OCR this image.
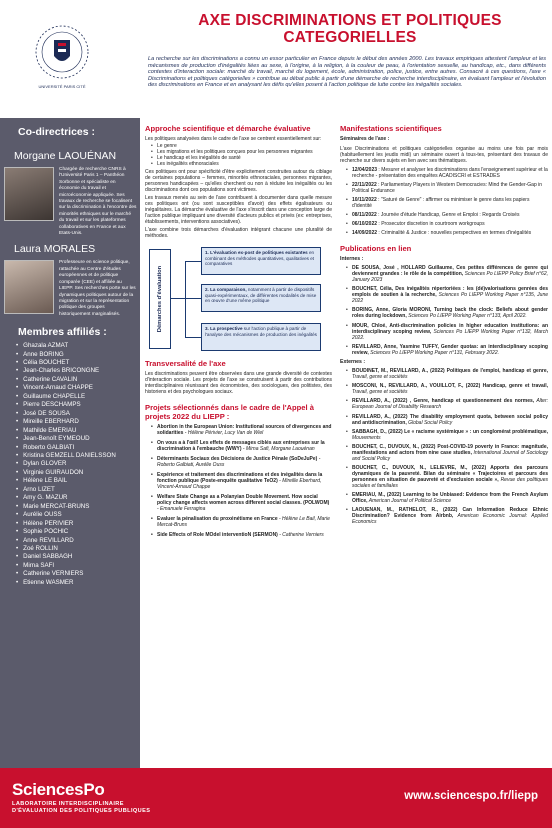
UNIVERSITÉ PARIS CITÉ
AXE DISCRIMINATIONS ET POLITIQUES
CATEGORIELLES

La recherche sur les discriminations a connu un essor particulier en France depuis le début des années 2000. Les travaux empiriques attestent l'ampleur et les mécanismes de production d'inégalités liées au sexe, à l'origine, à la religion, à la couleur de peau, à l'orientation sexuelle, au handicap, etc., dans différents contextes d'interaction sociale: marché du travail, marché du logement, école, administration, police, justice, entre autres. Consacré à ces questions, l'axe « Discriminations et politiques catégorielles » contribue au débat public à partir d'une démarche de recherche interdisciplinaire, en évaluant l'ampleur et l'évolution des discriminations en France et en analysant les défis qu'elles posent à l'action politique de lutte contre les inégalités sociales.

Co-directrices :
Morgane LAOUÉNAN
Chargée de recherche CNRS à l'Université Paris 1 – Panthéon Sorbonne et spécialiste en économie du travail et microéconomie appliquée. Ses travaux de recherche se focalisent sur la discrimination à l'encontre des minorités ethniques sur le marché du travail et sur les plateformes collaboratives en France et aux Etats-Unis.
Laura MORALES
Professeure en science politique, rattachée au Centre d'études européennes et de politique comparée (CEE) et affiliée au LIEPP. Ses recherches porte sur les dynamiques politiques autour de la migration et sur la représentation politique des groupes historiquement marginalisés.
Membres affiliés :
• Ghazala AZMAT
• Anne BORING
• Célia BOUCHET
• Jean-Charles BRICONGNE
• Catherine CAVALIN
• Vincent-Arnaud CHAPPE
• Guillaume CHAPELLE
• Pierre DESCHAMPS
• José DE SOUSA
• Mireille EBERHARD
• Mathilde EMERIAU
• Jean-Benoît EYMEOUD
• Roberto GALBIATI
• Kristina GEMZELL DANIELSSON
• Dylan GLOVER
• Virginie GUIRAUDON
• Hélène LE BAIL
• Arno LIZET
• Amy G. MAZUR
• Marie MERCAT-BRUNS
• Aurélie OUSS
• Hélène PERIVIER
• Sophie POCHIC
• Anne REVILLARD
• Zoé ROLLIN
• Daniel SABBAGH
• Mirna SAFI
• Catherine VERNIERS
• Etienne WASMER
Approche scientifique et démarche évaluative

Les politiques analysées dans le cadre de l'axe se centrent essentiellement sur:

• Le genre
• Les migrations et les politiques conçues pour les personnes migrantes
• Le handicap et les inégalités de santé
• Les inégalités ethnoraciales

Ces politiques ont pour spécificité d'être explicitement construites autour du ciblage de certaines populations – femmes, minorités ethnoraciales, personnes migrantes, personnes handicapées – qu'elles cherchent ou non à réduire les inégalités ou les discriminations dont ces populations sont victimes.

Les travaux menés au sein de l'axe contribuent à documenter dans quelle mesure ces politiques ont (ou sont susceptibles d'avoir) des effets égalisateurs ou inégalitaires. La démarche évaluative de l'axe s'inscrit dans une conception large de l'action publique impliquant une diversité d'acteurs publics et privés (ex: entreprises, établissements, interventions associatives).

L'axe combine trois démarches d'évaluation intégrant chacune une pluralité de méthodes.

Démarches d'évaluation
1. L'évaluation ex-post de politiques existantes en combinant des méthodes quantitatives, qualitatives et comparatives
2. La comparaison, notamment à partir de dispositifs quasi-expérimentaux, de différentes modalités de mise en œuvre d'une même politique
3. La prospective sur l'action publique à partir de l'analyse des mécanismes de production des inégalités
Transversalité de l'axe

Les discriminations peuvent être observées dans une grande diversité de contextes d'interaction sociale. Les projets de l'axe se construisent à partir des contributions interdisciplinaires réunissant des économistes, des sociologues, des politistes, des historiens et des psychologues sociaux.

Projets sélectionnés dans le cadre de l'Appel à projets 2022 du LIEPP :
• Abortion in the European Union: Institutional sources of divergences and solidarities - Hélène Périvier, Lucy Van de Wiel
• On vous a à l'œil! Les effets de messages ciblés aux entreprises sur la discrimination à l'embauche (WWY) - Mirna Safi, Morgane Laouénan
• Déterminants Sociaux des Décisions de Justice Pénale (SoDeJuPe) - Roberto Galbiati, Aurélie Ouss
• Expérience et traitement des discriminations et des inégalités dans la fonction publique (Poste-enquête qualitative TeO2) - Mireille Eberhard, Vincent-Arnaud Chappe
• Welfare State Change as a Polanyian Double Movement. How social policy change affects women across different social classes. (POLWOM) - Emanuele Ferragina
• Evaluer la pénalisation du proxénétisme en France - Hélène Le Bail, Marie Mercat-Bruns
• Side Effects of Role MOdel interventioN (SERMON) - Catherine Verniers
Manifestations scientifiques
Séminaires de l'axe :

L'axe Discriminations et politiques catégorielles organise au moins une fois par mois (habituellement les jeudis midi) un séminaire ouvert à tous-tes, présentant des travaux de recherche sur divers sujets en lien avec ses thématiques.

• 12/04/2023 : Mesurer et analyser les discriminations dans l'enseignement supérieur et la recherche - présentation des enquêtes ACADISCRI et ESTRADES
• 22/11/2022 : Parliamentary Players in Western Democracies: Mind the Gender-Gap in Political Endurance
• 10/11/2022 : "Saturé de Genre" : affirmer ou minimiser le genre dans les papiers d'identité
• 08/11/2022 : Journée d'étude Handicap, Genre et Emploi : Regards Croisés
• 06/10/2022 : Prosecutor discretion in courtroom workgroups
• 14/09/2022 : Criminalité & Justice : nouvelles perspectives en termes d'inégalités
Publications en lien
Internes :
• DE SOUSA, José , HOLLARD Guillaume, Ces petites différences de genre qui deviennent grandes : le rôle de la compétition, Sciences Po LIEPP Policy Brief n°62, January 2023
• BOUCHET, Célia, Des inégalités répertoriées : les (dé)valorisations genrées des emplois de soutien à la recherche, Sciences Po LIEPP Working Paper n°135, June 2022
• BORING, Anne, Gloria MORONI, Turning back the clock: Beliefs about gender roles during lockdown, Sciences Po LIEPP Working Paper n°133, April 2022.
• MOUR, Chloé, Anti-discrimination policies in higher education institutions: an interdisciplinary scoping review, Sciences Po LIEPP Working Paper n°132, March 2022.
• REVILLARD, Anne, Yasmine TUFFY, Gender quotas: an interdisciplinary scoping review, Sciences Po LIEPP Working Paper n°131, February 2022.
Externes :
• BOUDINET, M., REVILLARD, A., (2022) Politiques de l'emploi, handicap et genre, Travail, genre et sociétés
• MOSCONI, N., REVILLARD, A., VOUILLOT, F., (2022) Handicap, genre et travail, Travail, genre et sociétés
• REVILLARD, A., (2022) , Genre, handicap et questionnement des normes, Alter: European Journal of Disability Research
• REVILLARD, A., (2022) The disability employment quota, between social policy and antidiscrimination, Global Social Policy
• SABBAGH, D., (2022) Le « racisme systémique » : un conglomérat problématique, Mouvements
• BOUCHET, C., DUVOUX, N., (2022) Post-COVID-19 poverty in France: magnitude, manifestations and actors from nine case studies, International Journal of Sociology and Social Policy
• BOUCHET, C., DUVOUX, N., LELIEVRE, M., (2022) Apports des parcours dynamiques de la pauvreté. Bilan du séminaire « Trajectoires et parcours des personnes en situation de pauvreté et d'exclusion sociale », Revue des politiques sociales et familiales
• EMERIAU, M., (2022) Learning to be Unbiased: Evidence from the French Asylum Office, American Journal of Political Science
• LAOUENAN, M., RATHELOT, R., (2022) Can Information Reduce Ethnic Discrimination? Evidence from Airbnb, American Economic Journal: Applied Economics
SciencesPo
LABORATOIRE INTERDISCIPLINAIRE
D'ÉVALUATION DES POLITIQUES PUBLIQUES
www.sciencespo.fr/liepp
